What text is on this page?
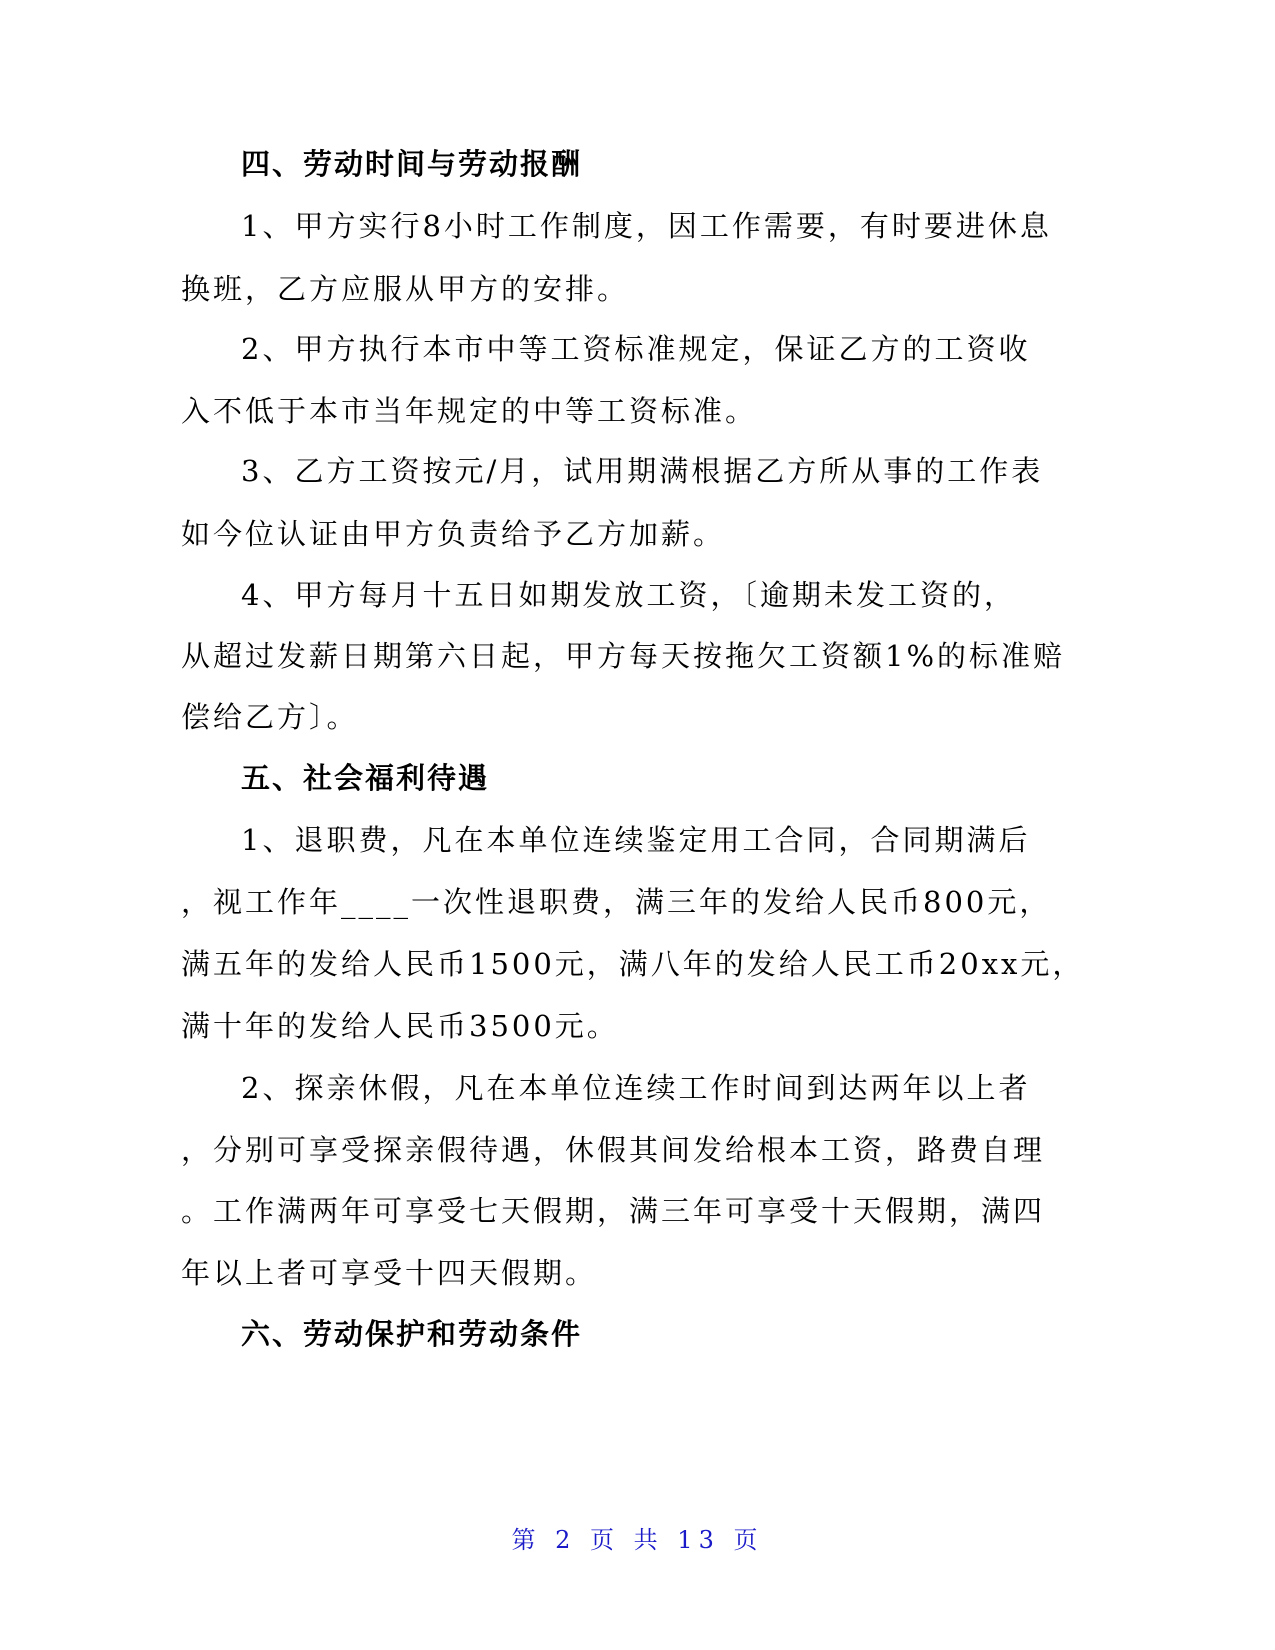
四、劳动时间与劳动报酬
1、甲方实行8小时工作制度，因工作需要，有时要进休息
换班，乙方应服从甲方的安排。
2、甲方执行本市中等工资标准规定，保证乙方的工资收
入不低于本市当年规定的中等工资标准。
3、乙方工资按元/月，试用期满根据乙方所从事的工作表
如今位认证由甲方负责给予乙方加薪。
4、甲方每月十五日如期发放工资，〔逾期未发工资的，
从超过发薪日期第六日起，甲方每天按拖欠工资额1%的标准赔
偿给乙方〕。
五、社会福利待遇
1、退职费，凡在本单位连续鉴定用工合同，合同期满后
，视工作年____一次性退职费，满三年的发给人民币800元，
满五年的发给人民币1500元，满八年的发给人民工币20xx元，
满十年的发给人民币3500元。
2、探亲休假，凡在本单位连续工作时间到达两年以上者
，分别可享受探亲假待遇，休假其间发给根本工资，路费自理
。工作满两年可享受七天假期，满三年可享受十天假期，满四
年以上者可享受十四天假期。
六、劳动保护和劳动条件
第 2 页 共 13 页
